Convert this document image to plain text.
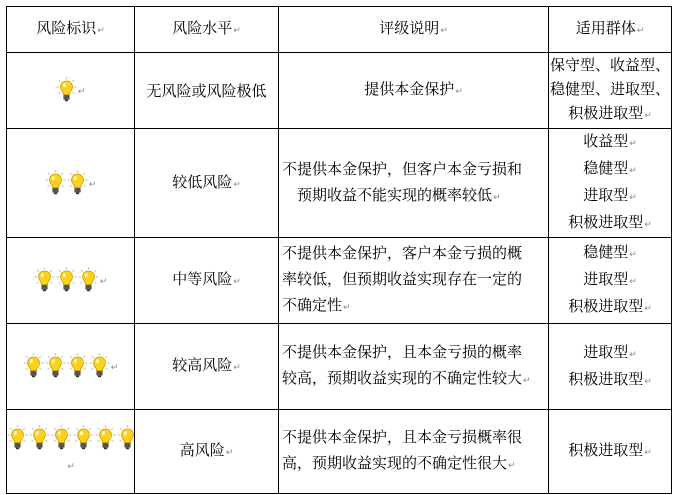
风险标识↵	风险水平↵	评级说明↵	适用群体↵

↵	无风险或风险极低	提供本金保护↵	保守型、收益型、
稳健型、进取型、
积极进取型↵

↵	较低风险↵	不提供本金保护，但客户本金亏损和
预期收益不能实现的概率较低↵	收益型↵
稳健型↵
进取型↵
积极进取型↵

↵	中等风险↵	不提供本金保护，客户本金亏损的概
率较低，但预期收益实现存在一定的
不确定性↵	稳健型↵
进取型↵
积极进取型↵

↵	较高风险↵	不提供本金保护，且本金亏损的概率
较高，预期收益实现的不确定性较大↵	进取型↵
积极进取型↵

↵	高风险↵	不提供本金保护，且本金亏损概率很
高，预期收益实现的不确定性很大↵	积极进取型↵
